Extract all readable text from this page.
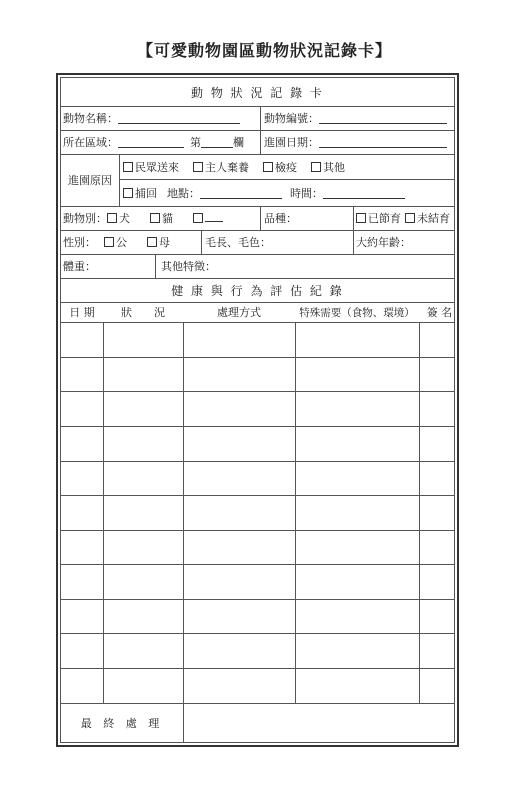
【可愛動物園區動物狀況記錄卡】
動 物 狀 況 記 錄 卡
動物名稱：	動物編號：
所在區域：	第	欄 進園日期：
進園原因
民眾送來	主人棄養	檢疫	其他
捕回 地點：	時間：
動物別：	犬	貓	品種：	已節育	未結育
性別：	公	母	毛長、毛色：	大約年齡：
體重：	其他特徵：
健 康 與 行 為 評 估 紀 錄
日 期	狀　　況	處理方式	特殊需要（食物、環境）	簽 名
最 終 處 理
